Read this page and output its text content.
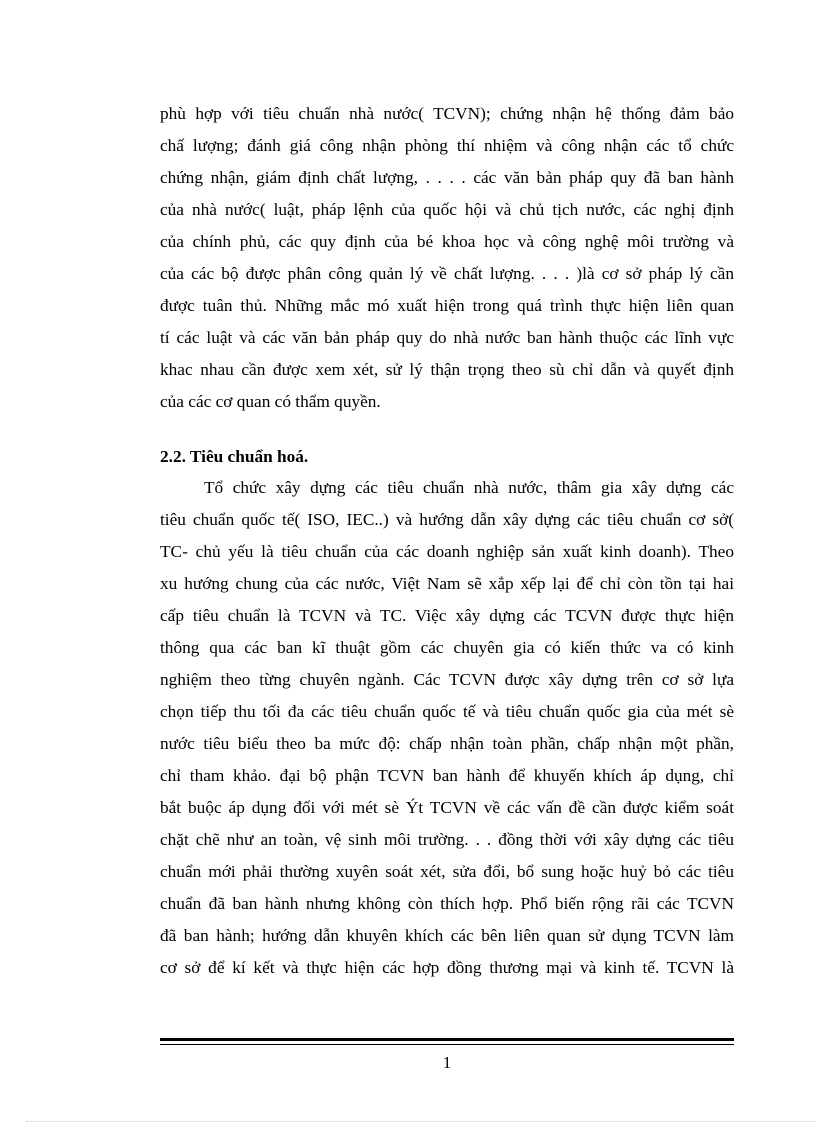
phù hợp với tiêu chuẩn nhà nước( TCVN); chứng nhận hệ thống đảm bảo
chấ lượng; đánh giá công nhận phòng thí nhiệm và công nhận các tổ chức
chứng nhận, giám định chất lượng, . . . . các văn bản pháp quy đã ban hành
của nhà nước( luật, pháp lệnh của quốc hội và chủ tịch nước, các nghị định
của chính phủ, các quy định của bé khoa học và công nghệ môi trường và
của các bộ được phân công quản lý về chất lượng. . . . )là cơ sở pháp lý cần
được tuân thủ. Những mắc mó xuất hiện trong quá trình thực hiện liên quan
tí các luật và các văn bản pháp quy do nhà nước ban hành thuộc các lĩnh vực
khac nhau cần được xem xét, sử lý thận trọng theo sù chỉ dẫn và quyết định
của các cơ quan có thẩm quyền.
2.2. Tiêu chuẩn hoá.
Tổ chức xây dựng các tiêu chuẩn nhà nước, thâm gia xây dựng các
tiêu chuẩn quốc tế( ISO, IEC..) và hướng dẫn xây dựng các tiêu chuẩn cơ sở(
TC- chủ yếu là tiêu chuẩn của các doanh nghiệp sản xuất kinh doanh). Theo
xu hướng chung của các nước, Việt Nam sẽ xắp xếp lại để chỉ còn tồn tại hai
cấp tiêu chuẩn là TCVN và TC. Việc xây dựng các TCVN được thực hiện
thông qua các ban kĩ thuật gồm các chuyên gia có kiến thức va có kinh
nghiệm theo từng chuyên ngành. Các TCVN được xây dựng trên cơ sở lựa
chọn tiếp thu tối đa các tiêu chuẩn quốc tế và tiêu chuẩn quốc gia của mét sè
nước tiêu biểu theo ba mức độ: chấp nhận toàn phần, chấp nhận một phần,
chỉ tham khảo. đại bộ phận TCVN ban hành để khuyến khích áp dụng, chỉ
bắt buộc áp dụng đối với mét sè Ýt TCVN về các vấn đề cần được kiểm soát
chặt chẽ như an toàn, vệ sinh môi trường. . . đồng thời với xây dựng các tiêu
chuẩn mới phải thường xuyên soát xét, sửa đổi, bổ sung hoặc huỷ bỏ các tiêu
chuẩn đã ban hành nhưng không còn thích hợp. Phổ biến rộng rãi các TCVN
đã ban hành; hướng dẫn khuyên khích các bên liên quan sử dụng TCVN làm
cơ sở để kí kết và thực hiện các hợp đồng thương mại và kinh tế. TCVN là
1
